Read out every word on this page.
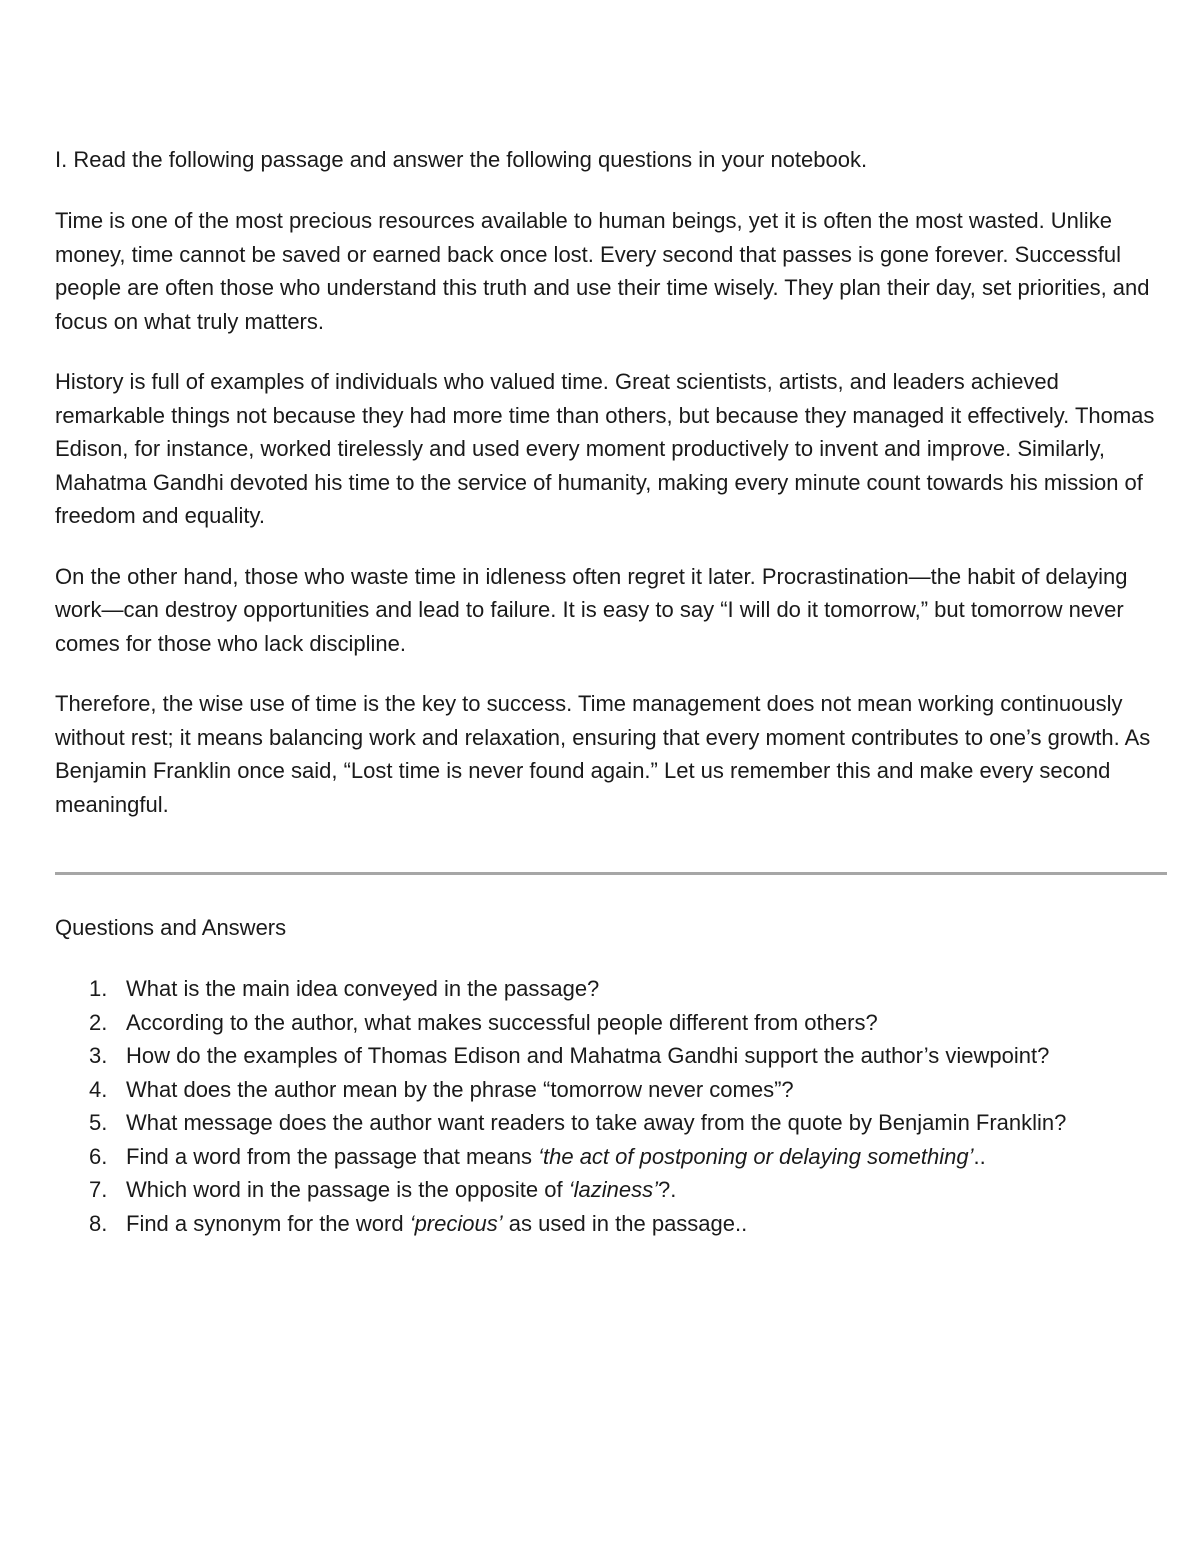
I. Read the following passage and answer the following questions in your notebook.

Time is one of the most precious resources available to human beings, yet it is often the most wasted. Unlike money, time cannot be saved or earned back once lost. Every second that passes is gone forever. Successful people are often those who understand this truth and use their time wisely. They plan their day, set priorities, and focus on what truly matters.

History is full of examples of individuals who valued time. Great scientists, artists, and leaders achieved remarkable things not because they had more time than others, but because they managed it effectively. Thomas Edison, for instance, worked tirelessly and used every moment productively to invent and improve. Similarly, Mahatma Gandhi devoted his time to the service of humanity, making every minute count towards his mission of freedom and equality.

On the other hand, those who waste time in idleness often regret it later. Procrastination—the habit of delaying work—can destroy opportunities and lead to failure. It is easy to say “I will do it tomorrow,” but tomorrow never comes for those who lack discipline.

Therefore, the wise use of time is the key to success. Time management does not mean working continuously without rest; it means balancing work and relaxation, ensuring that every moment contributes to one’s growth. As Benjamin Franklin once said, “Lost time is never found again.” Let us remember this and make every second meaningful.

Questions and Answers

1. What is the main idea conveyed in the passage?
2. According to the author, what makes successful people different from others?
3. How do the examples of Thomas Edison and Mahatma Gandhi support the author’s viewpoint?
4. What does the author mean by the phrase “tomorrow never comes”?
5. What message does the author want readers to take away from the quote by Benjamin Franklin?
6. Find a word from the passage that means ‘the act of postponing or delaying something’..
7. Which word in the passage is the opposite of ‘laziness’?.
8. Find a synonym for the word ‘precious’ as used in the passage..
